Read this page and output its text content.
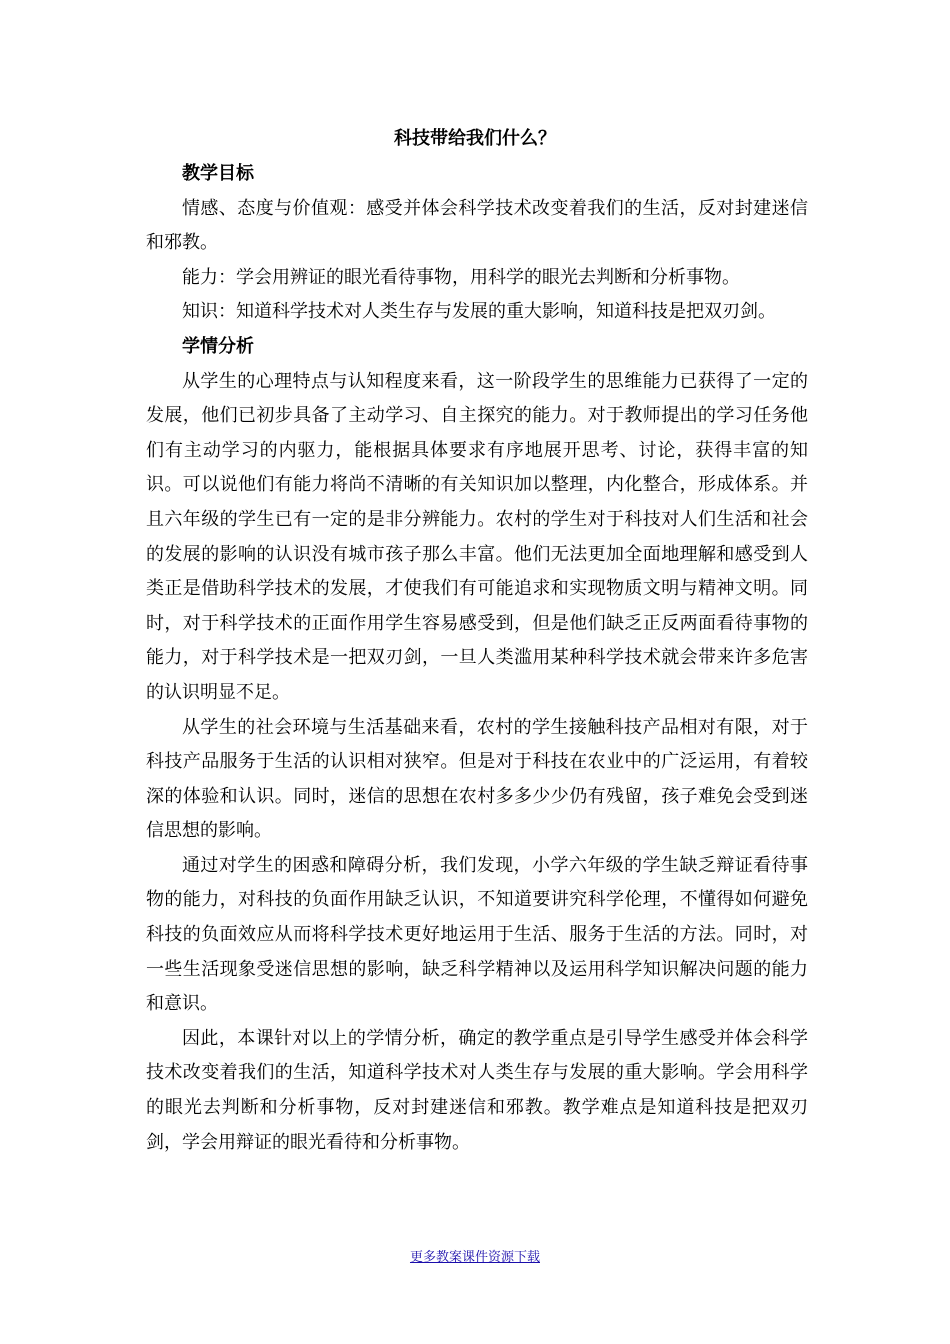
科技带给我们什么？
教学目标

情感、态度与价值观：感受并体会科学技术改变着我们的生活，反对封建迷信和邪教。

能力：学会用辨证的眼光看待事物，用科学的眼光去判断和分析事物。

知识：知道科学技术对人类生存与发展的重大影响，知道科技是把双刃剑。

学情分析

从学生的心理特点与认知程度来看，这一阶段学生的思维能力已获得了一定的发展，他们已初步具备了主动学习、自主探究的能力。对于教师提出的学习任务他们有主动学习的内驱力，能根据具体要求有序地展开思考、讨论，获得丰富的知识。可以说他们有能力将尚不清晰的有关知识加以整理，内化整合，形成体系。并且六年级的学生已有一定的是非分辨能力。农村的学生对于科技对人们生活和社会的发展的影响的认识没有城市孩子那么丰富。他们无法更加全面地理解和感受到人类正是借助科学技术的发展，才使我们有可能追求和实现物质文明与精神文明。同时，对于科学技术的正面作用学生容易感受到，但是他们缺乏正反两面看待事物的能力，对于科学技术是一把双刃剑，一旦人类滥用某种科学技术就会带来许多危害的认识明显不足。

从学生的社会环境与生活基础来看，农村的学生接触科技产品相对有限，对于科技产品服务于生活的认识相对狭窄。但是对于科技在农业中的广泛运用，有着较深的体验和认识。同时，迷信的思想在农村多多少少仍有残留，孩子难免会受到迷信思想的影响。

通过对学生的困惑和障碍分析，我们发现，小学六年级的学生缺乏辩证看待事物的能力，对科技的负面作用缺乏认识，不知道要讲究科学伦理，不懂得如何避免科技的负面效应从而将科学技术更好地运用于生活、服务于生活的方法。同时，对一些生活现象受迷信思想的影响，缺乏科学精神以及运用科学知识解决问题的能力和意识。

因此，本课针对以上的学情分析，确定的教学重点是引导学生感受并体会科学技术改变着我们的生活，知道科学技术对人类生存与发展的重大影响。学会用科学的眼光去判断和分析事物，反对封建迷信和邪教。教学难点是知道科技是把双刃剑，学会用辩证的眼光看待和分析事物。

更多教案课件资源下载
